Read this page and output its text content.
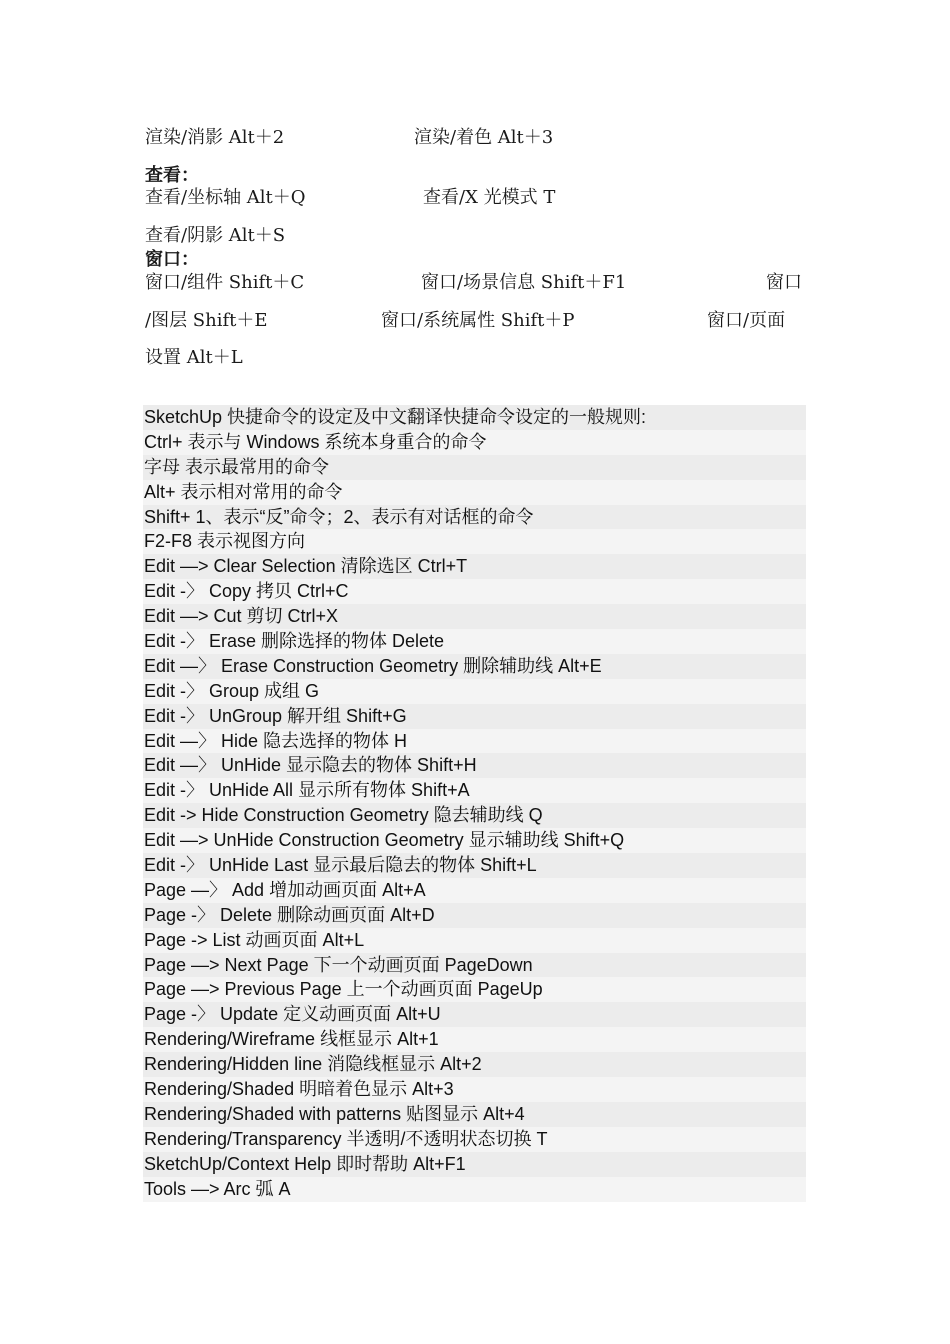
渲染/消影 Alt＋2	渲染/着色 Alt＋3
查看：
查看/坐标轴 Alt＋Q	查看/X 光模式 T
查看/阴影 Alt＋S
窗口：
窗口/组件 Shift＋C	窗口/场景信息 Shift＋F1	窗口
/图层 Shift＋E	窗口/系统属性 Shift＋P	窗口/页面
设置 Alt＋L
SketchUp 快捷命令的设定及中文翻译快捷命令设定的一般规则:
Ctrl+ 表示与 Windows 系统本身重合的命令
字母 表示最常用的命令
Alt+ 表示相对常用的命令
Shift+ 1、表示“反”命令；2、表示有对话框的命令
F2-F8 表示视图方向
Edit —> Clear Selection 清除选区 Ctrl+T
Edit -〉 Copy 拷贝 Ctrl+C
Edit —> Cut 剪切 Ctrl+X
Edit -〉 Erase 删除选择的物体 Delete
Edit —〉 Erase Construction Geometry 删除辅助线 Alt+E
Edit -〉 Group 成组 G
Edit -〉 UnGroup 解开组 Shift+G
Edit —〉 Hide 隐去选择的物体 H
Edit —〉 UnHide 显示隐去的物体 Shift+H
Edit -〉 UnHide All 显示所有物体 Shift+A
Edit -> Hide Construction Geometry 隐去辅助线 Q
Edit —> UnHide Construction Geometry 显示辅助线 Shift+Q
Edit -〉 UnHide Last 显示最后隐去的物体 Shift+L
Page —〉 Add 增加动画页面 Alt+A
Page -〉 Delete 删除动画页面 Alt+D
Page -> List 动画页面 Alt+L
Page —> Next Page 下一个动画页面 PageDown
Page —> Previous Page 上一个动画页面 PageUp
Page -〉 Update 定义动画页面 Alt+U
Rendering/Wireframe 线框显示 Alt+1
Rendering/Hidden line 消隐线框显示 Alt+2
Rendering/Shaded 明暗着色显示 Alt+3
Rendering/Shaded with patterns 贴图显示 Alt+4
Rendering/Transparency 半透明/不透明状态切换 T
SketchUp/Context Help 即时帮助 Alt+F1
Tools —> Arc 弧 A
